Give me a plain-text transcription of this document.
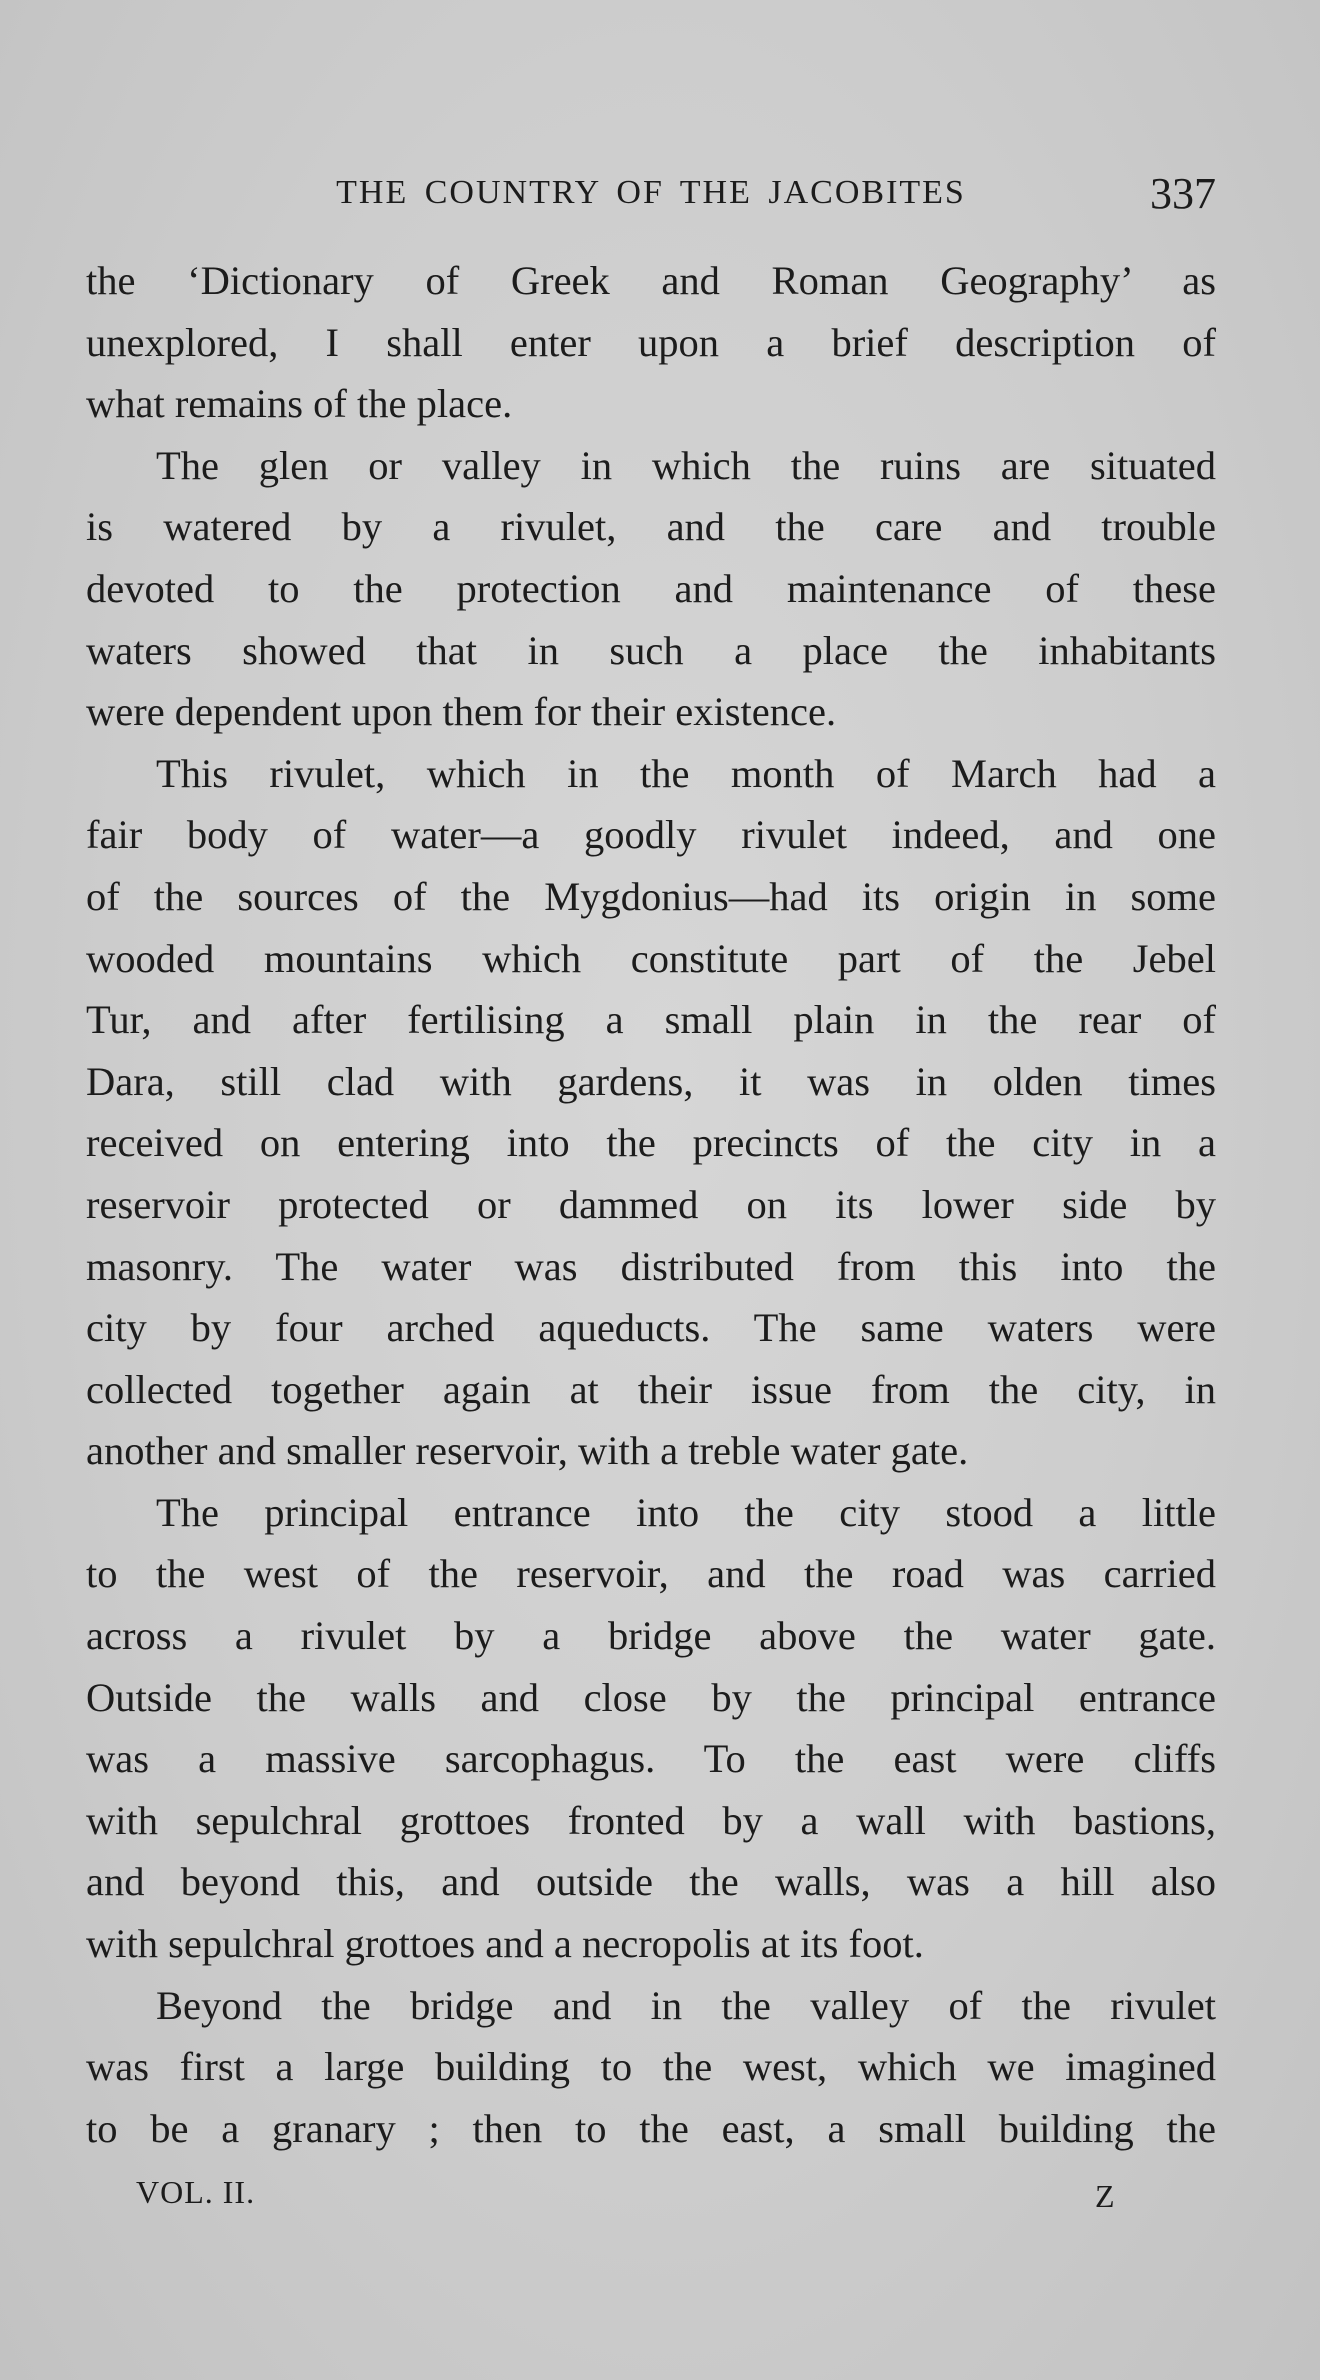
THE COUNTRY OF THE JACOBITES	337

the ‘Dictionary of Greek and Roman Geography’ as

unexplored, I shall enter upon a brief description of

what remains of the place.

The glen or valley in which the ruins are situated

is watered by a rivulet, and the care and trouble

devoted to the protection and maintenance of these

waters showed that in such a place the inhabitants

were dependent upon them for their existence.

This rivulet, which in the month of March had a

fair body of water—a goodly rivulet indeed, and one

of the sources of the Mygdonius—had its origin in some

wooded mountains which constitute part of the Jebel

Tur, and after fertilising a small plain in the rear of

Dara, still clad with gardens, it was in olden times

received on entering into the precincts of the city in a

reservoir protected or dammed on its lower side by

masonry. The water was distributed from this into the

city by four arched aqueducts. The same waters were

collected together again at their issue from the city, in

another and smaller reservoir, with a treble water gate.

The principal entrance into the city stood a little

to the west of the reservoir, and the road was carried

across a rivulet by a bridge above the water gate.

Outside the walls and close by the principal entrance

was a massive sarcophagus. To the east were cliffs

with sepulchral grottoes fronted by a wall with bastions,

and beyond this, and outside the walls, was a hill also

with sepulchral grottoes and a necropolis at its foot.

Beyond the bridge and in the valley of the rivulet

was first a large building to the west, which we imagined

to be a granary ; then to the east, a small building the

VOL. II.	Z
